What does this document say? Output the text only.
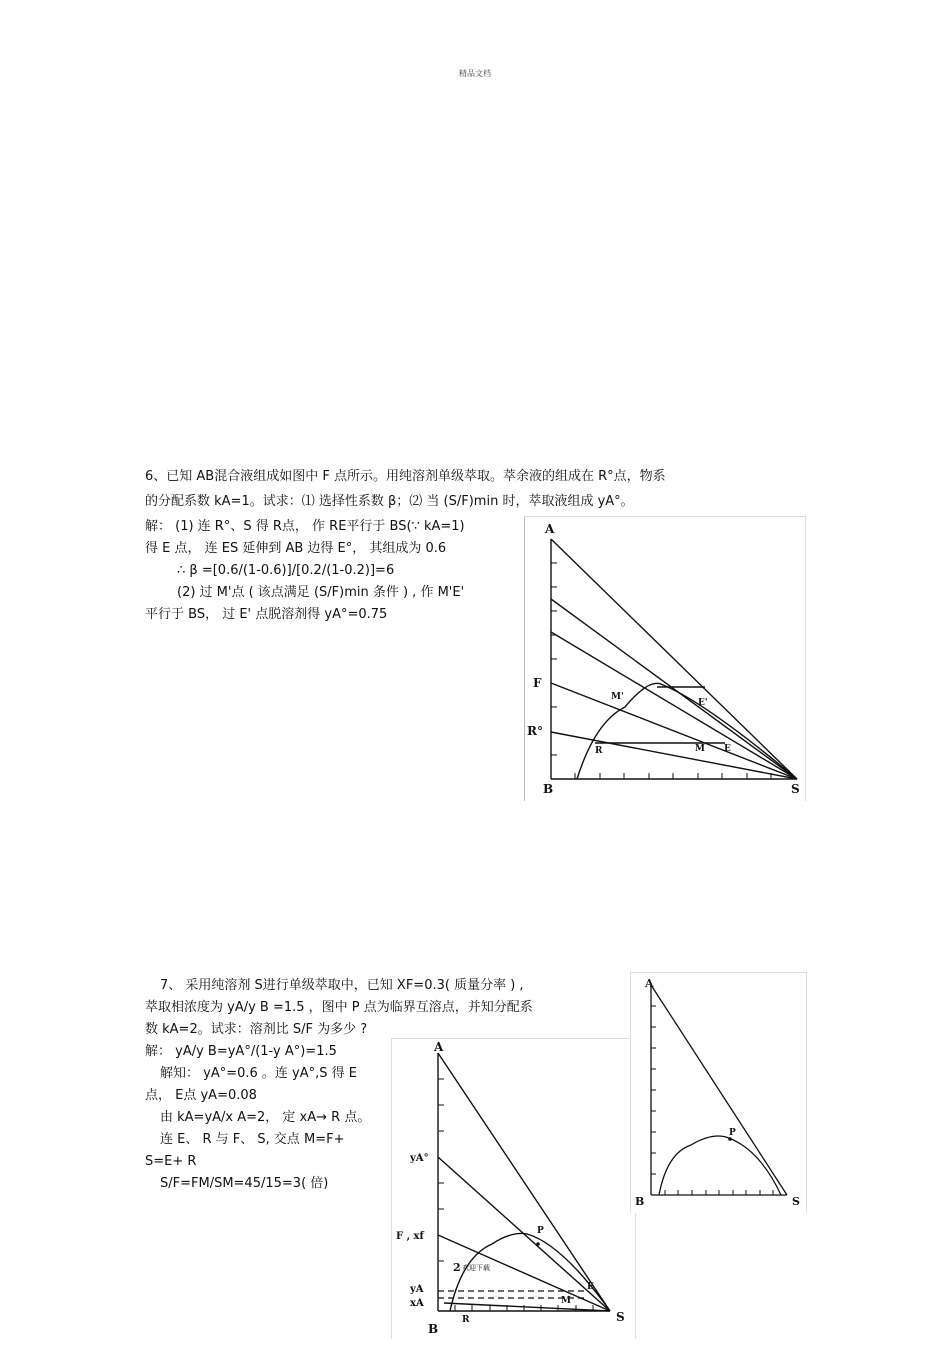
精品文档
6、已知 AB混合液组成如图中 F 点所示。用纯溶剂单级萃取。萃余液的组成在 R°点，物系
的分配系数 kA=1。试求：⑴ 选择性系数 β；⑵ 当 (S/F)min 时，萃取液组成 yA°。
解： (1) 连 R°、S 得 R点， 作 RE平行于 BS(∵ kA=1)
得 E 点， 连 ES 延伸到 AB 边得 E°， 其组成为 0.6
∴ β =[0.6/(1-0.6)]/[0.2/(1-0.2)]=6
(2) 过 M'点 ( 该点满足 (S/F)min 条件 ) , 作 M'E'
平行于 BS， 过 E' 点脱溶剂得 yA°=0.75
A
B	S
F
R°
M'
E'
R	M E
7、 采用纯溶剂 S进行单级萃取中，已知 XF=0.3( 质量分率 ) ,
萃取相浓度为 yA/y B =1.5 ，图中 P 点为临界互溶点，并知分配系
数 kA=2。试求：溶剂比 S/F 为多少 ?
解： yA/y B=yA°/(1-y A°)=1.5
解知： yA°=0.6 。连 yA°,S 得 E
点， E点 yA=0.08
由 kA=yA/x A=2， 定 xA→ R 点。
连 E、 R 与 F、 S, 交点 M=F+
S=E+ R
S/F=FM/SM=45/15=3( 倍)
A
B
S
yA°
F , xf
yA
xA
P
E
M
R
2 欢迎下载
A
B	S
P
